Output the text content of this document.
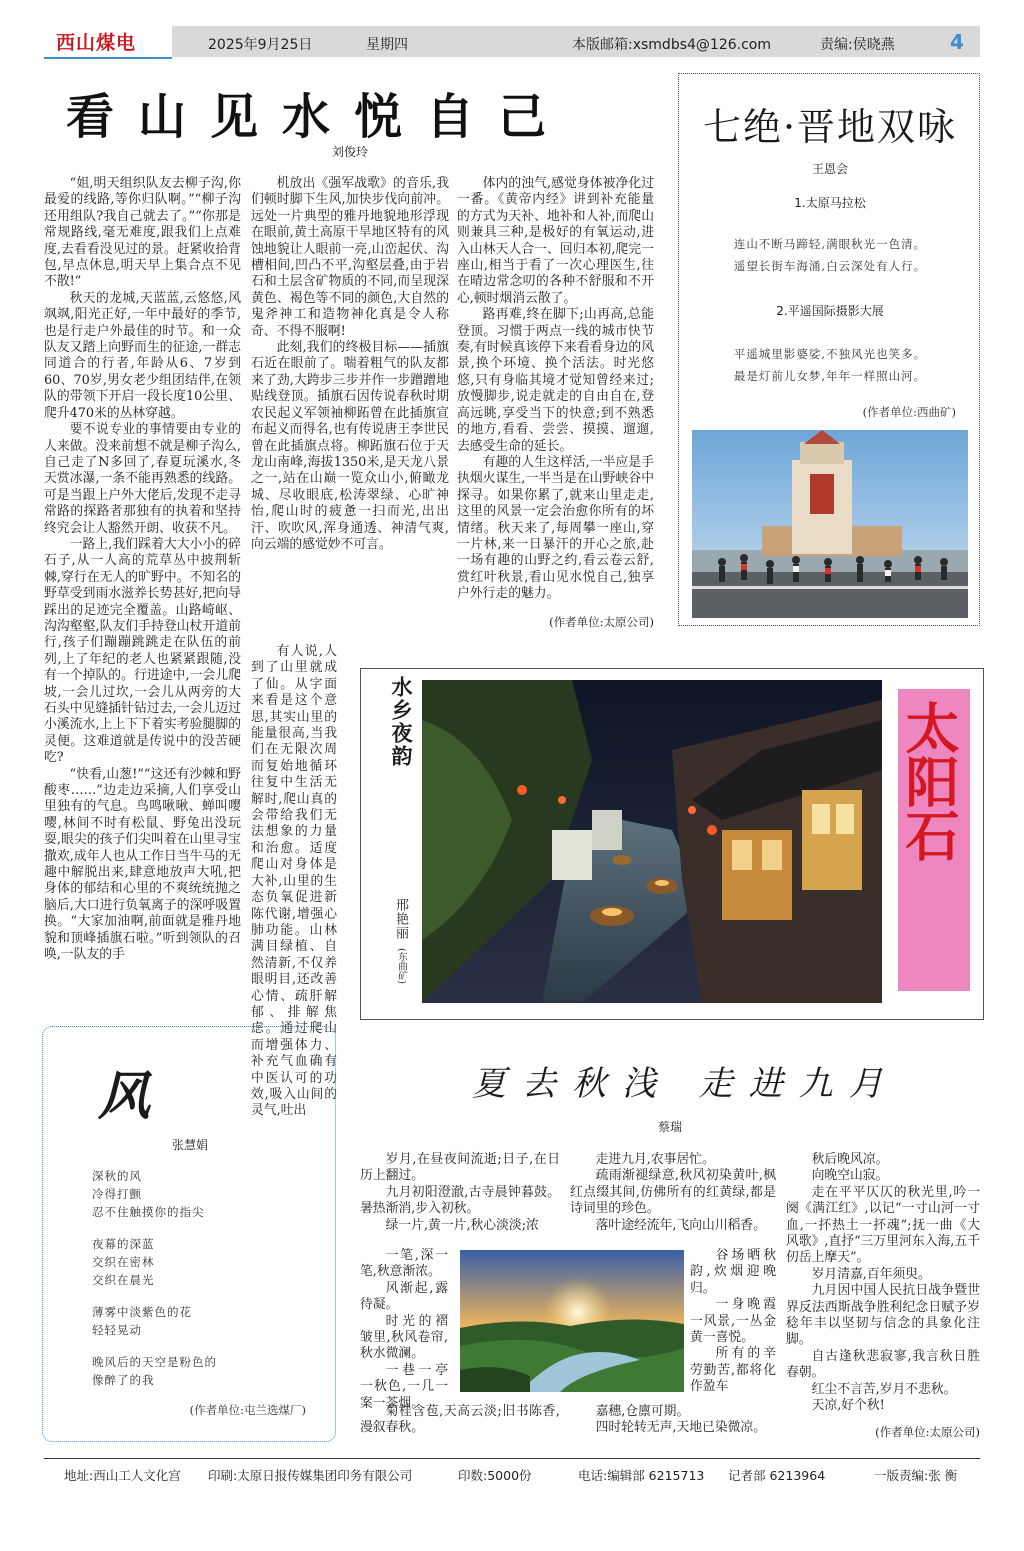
西山煤电	2025年9月25日	星期四	本版邮箱:xsmdbs4@126.com	责编:侯晓燕	4
看山见水悦自己
刘俊玲

“姐,明天组织队友去柳子沟,你最爱的线路,等你归队啊。”“柳子沟还用组队?我自己就去了。”“你那是常规路线,毫无难度,跟我们上点难度,去看看没见过的景。赶紧收拾背包,早点休息,明天早上集合点不见不散!”

秋天的龙城,天蓝蓝,云悠悠,风飒飒,阳光正好,一年中最好的季节,也是行走户外最佳的时节。和一众队友又踏上向野而生的征途,一群志同道合的行者,年龄从6、7岁到60、70岁,男女老少组团结伴,在领队的带领下开启一段长度10公里、爬升470米的丛林穿越。

要不说专业的事情要由专业的人来做。没来前想不就是柳子沟么,自己走了N多回了,春夏玩溪水,冬天赏冰瀑,一条不能再熟悉的线路。可是当跟上户外大佬后,发现不走寻常路的探路者那独有的执着和坚持终究会让人豁然开朗、收获不凡。

一路上,我们踩着大大小小的碎石子,从一人高的荒草丛中披荆斩棘,穿行在无人的旷野中。不知名的野草受到雨水滋养长势甚好,把向导踩出的足迹完全覆盖。山路崎岖、沟沟壑壑,队友们手持登山杖开道前行,孩子们蹦蹦跳跳走在队伍的前列,上了年纪的老人也紧紧跟随,没有一个掉队的。行进途中,一会儿爬坡,一会儿过坎,一会儿从两旁的大石头中见缝插针钻过去,一会儿迈过小溪流水,上上下下着实考验腿脚的灵便。这难道就是传说中的没苦硬吃?

“快看,山葱!”“这还有沙棘和野酸枣……”边走边采摘,人们享受山里独有的气息。鸟鸣啾啾、蝉叫嘤嘤,林间不时有松鼠、野兔出没玩耍,眼尖的孩子们尖叫着在山里寻宝撒欢,成年人也从工作日当牛马的无趣中解脱出来,肆意地放声大吼,把身体的郁结和心里的不爽统统抛之脑后,大口进行负氧离子的深呼吸置换。“大家加油啊,前面就是雅丹地貌和顶峰插旗石啦。”听到领队的召唤,一队友的手

机放出《强军战歌》的音乐,我们顿时脚下生风,加快步伐向前冲。远处一片典型的雅丹地貌地形浮现在眼前,黄土高原干旱地区特有的风蚀地貌让人眼前一亮,山峦起伏、沟槽相间,凹凸不平,沟壑层叠,由于岩石和土层含矿物质的不同,而呈现深黄色、褐色等不同的颜色,大自然的鬼斧神工和造物神化真是令人称奇、不得不服啊!

此刻,我们的终极目标——插旗石近在眼前了。喘着粗气的队友都来了劲,大跨步三步并作一步蹭蹭地贴线登顶。插旗石因传说春秋时期农民起义军领袖柳跖曾在此插旗宣布起义而得名,也有传说唐王李世民曾在此插旗点将。柳跖旗石位于天龙山南峰,海拔1350米,是天龙八景之一,站在山巅一览众山小,俯瞰龙城、尽收眼底,松涛翠绿、心旷神怡,爬山时的疲惫一扫而光,出出汗、吹吹风,浑身通透、神清气爽,向云端的感觉妙不可言。

有人说,人到了山里就成了仙。从字面来看是这个意思,其实山里的能量很高,当我们在无限次周而复始地循环往复中生活无解时,爬山真的会带给我们无法想象的力量和治愈。适度爬山对身体是大补,山里的生态负氧促进新陈代谢,增强心肺功能。山林满目绿植、自然清新,不仅养眼明目,还改善心情、疏肝解郁、排解焦虑。通过爬山而增强体力、补充气血确有中医认可的功效,吸入山间的灵气,吐出

体内的浊气,感觉身体被净化过一番。《黄帝内经》讲到补充能量的方式为天补、地补和人补,而爬山则兼具三种,是极好的有氧运动,进入山林天人合一、回归本初,爬完一座山,相当于看了一次心理医生,往在晴边常念叨的各种不舒服和不开心,顿时烟消云散了。

路再难,终在脚下;山再高,总能登顶。习惯于两点一线的城市快节奏,有时候真该停下来看看身边的风景,换个环境、换个活法。时光悠悠,只有身临其境才觉知曾经来过;放慢脚步,说走就走的自由自在,登高远眺,享受当下的快意;到不熟悉的地方,看看、尝尝、摸摸、遛遛,去感受生命的延长。

有趣的人生这样活,一半应是手执烟火谋生,一半当是在山野峡谷中探寻。如果你累了,就来山里走走,这里的风景一定会治愈你所有的坏情绪。秋天来了,每周攀一座山,穿一片林,来一日暴汗的开心之旅,赴一场有趣的山野之约,看云卷云舒,赏红叶秋景,看山见水悦自己,独享户外行走的魅力。

(作者单位:太原公司)
七绝·晋地双咏
王恩会
1.太原马拉松
连山不断马蹄轻,满眼秋光一色清。
遥望长街车海涌,白云深处有人行。
2.平遥国际摄影大展
平遥城里影婆娑,不独风光也笑多。
最是灯前儿女梦,年年一样照山河。
(作者单位:西曲矿)
水乡夜韵
邢艳丽
(东曲矿)
太阳石
风
张慧娟
深秋的风
冷得打颤
忍不住触摸你的指尖
夜幕的深蓝
交织在密林
交织在晨光
薄雾中淡紫色的花
轻轻晃动
晚风后的天空是粉色的
像醉了的我
(作者单位:屯兰选煤厂)
夏去秋浅 走进九月
蔡瑞

岁月,在昼夜间流逝;日子,在日历上翻过。

九月初阳澄澈,古寺晨钟暮鼓。暑热渐消,步入初秋。

绿一片,黄一片,秋心淡淡;浓

一笔,深一笔,秋意渐浓。

风渐起,露待凝。

时光的褶皱里,秋风卷帘,秋水微澜。

一巷一亭一秋色,一几一案一茶烟。

菊桂含苞,天高云淡;旧书陈香,漫叙春秋。

走进九月,农事居忙。

疏雨渐褪绿意,秋风初染黄叶,枫红点缀其间,仿佛所有的红黄绿,都是诗词里的珍色。

落叶途经流年,飞向山川稻香。

谷场晒秋韵,炊烟迎晚归。

一身晚霞一风景,一丛金黄一喜悦。

所有的辛劳勤苦,都将化作盈车

嘉穗,仓廪可期。

四时轮转无声,天地已染微凉。

秋后晚风凉。

向晚空山寂。

走在平平仄仄的秋光里,吟一阕《满江红》,以记“一寸山河一寸血,一抔热土一抔魂”;抚一曲《大风歌》,直抒“三万里河东入海,五千仞岳上摩天”。

岁月清嘉,百年须臾。

九月因中国人民抗日战争暨世界反法西斯战争胜利纪念日赋予岁稔年丰以坚韧与信念的具象化注脚。

自古逢秋悲寂寥,我言秋日胜春朝。

红尘不言苦,岁月不悲秋。

天凉,好个秋!

(作者单位:太原公司)
地址:西山工人文化宫 印刷:太原日报传媒集团印务有限公司	印数:5000份	电话:编辑部 6215713 记者部 6213964	一版责编:张 衡
